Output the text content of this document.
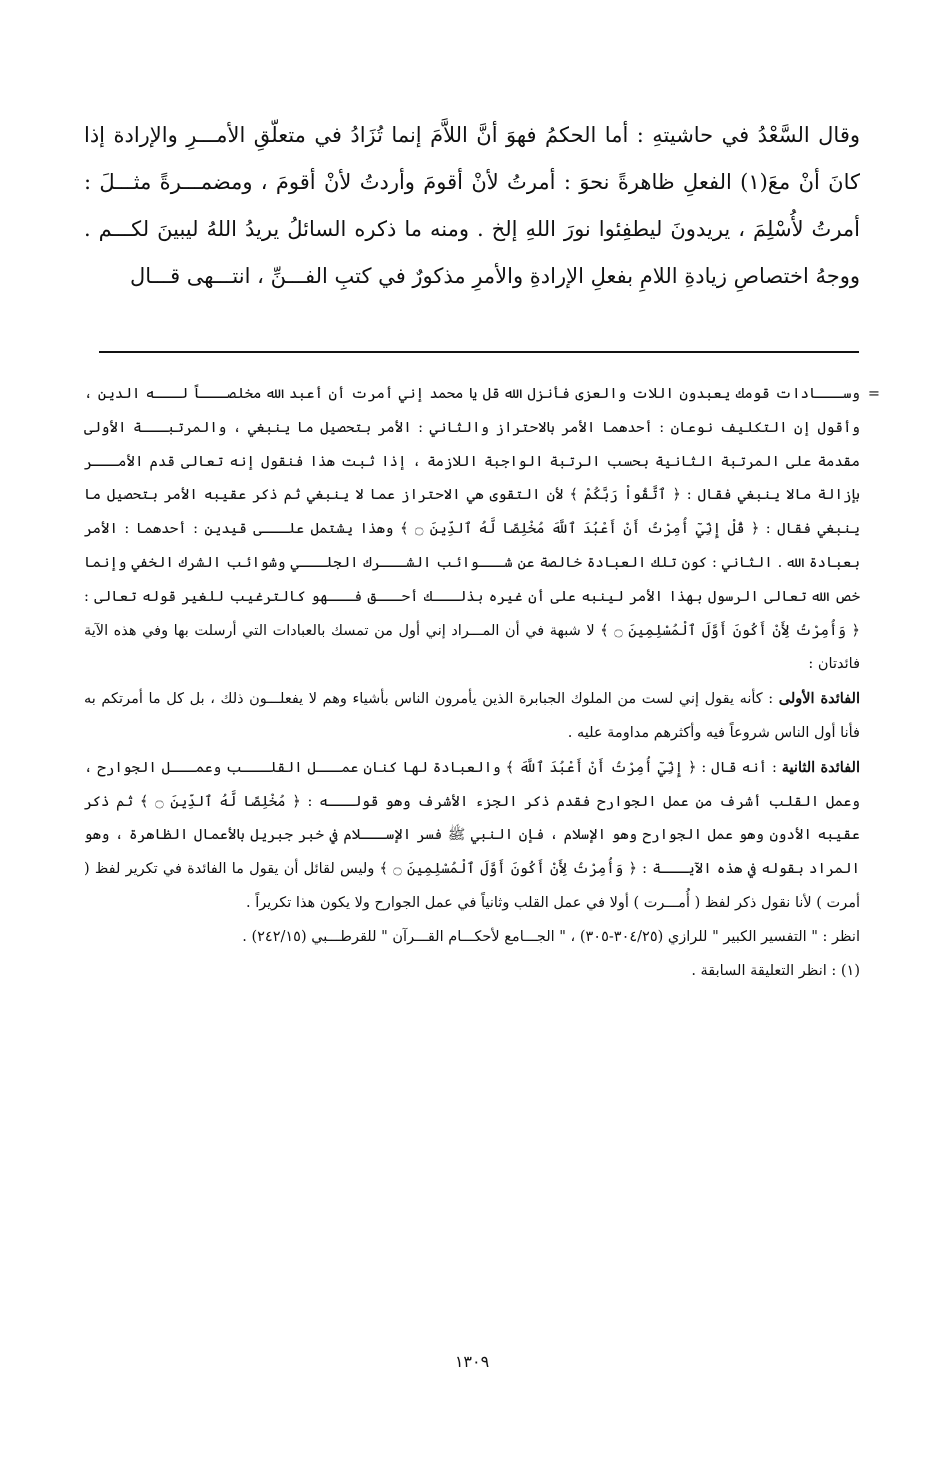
وقال السَّعْدُ في حاشيتهِ : أما الحكمُ فهوَ أنَّ اللاَّمَ إنما تُزَادُ في متعلّقِ الأمـــرِ والإرادة إذا كانَ أنْ معَ(١) الفعلِ ظاهرةً نحوَ : أمرتُ لأنْ أقومَ وأردتُ لأنْ أقومَ ، ومضمـــرةً مثـــلَ : أمرتُ لأُسْلِمَ ، يريدونَ ليطفِئوا نورَ اللهِ إلخ . ومنه ما ذكره السائلُ يريدُ اللهُ ليبينَ لكـــم . ووجهُ اختصاصِ زيادةِ اللامِ بفعلِ الإرادةِ والأمرِ مذكورٌ في كتبِ الفـــنِّ ، انتـــهى قـــال

=
وســـادات قومك يعبدون اللات والعزى فأنزل الله قل يا محمد إني أمرت أن أعبد الله مخلصـــاً لـــه الدين ، وأقول إن التكليف نوعان : أحدهما الأمر بالاحتراز والثاني : الأمر بتحصيل ما ينبغي ، والمرتبـــة الأولى مقدمة على المرتبة الثانية بحسب الرتبة الواجبة اللازمة ، إذا ثبت هذا فنقول إنه تعالى قدم الأمـــر بإزالة مالا ينبغي فقال : ﴿ ٱتَّقُواْ رَبَّكُمْ ﴾ لأن التقوى هي الاحتراز عما لا ينبغي ثم ذكر عقيبه الأمر بتحصيل ما ينبغي فقال : ﴿ قُلْ إِنِّيٓ أُمِرْتُ أَنْ أَعْبُدَ ٱللَّهَ مُخْلِصًا لَّهُ ٱلدِّينَ ۝ ﴾ وهذا يشتمل علـــى قيدين : أحدهما : الأمر بعبادة الله . الثاني : كون تلك العبادة خالصة عن شـــوائب الشـــرك الجلـــي وشوائب الشرك الخفي وإنما خص الله تعالى الرسول بهذا الأمر لينبه على أن غيره بذلـــك أحـــق فـــهو كالترغيب للغير قوله تعالى : ﴿ وَأُمِرْتُ لِأَنْ أَكُونَ أَوَّلَ ٱلْمُسْلِمِينَ ۝ ﴾ لا شبهة في أن المـــراد إني أول من تمسك بالعبادات التي أرسلت بها وفي هذه الآية فائدتان :

الفائدة الأولى : كأنه يقول إني لست من الملوك الجبابرة الذين يأمرون الناس بأشياء وهم لا يفعلـــون ذلك ، بل كل ما أمرتكم به فأنا أول الناس شروعاً فيه وأكثرهم مداومة عليه .

الفائدة الثانية : أنه قال : ﴿ إِنِّيٓ أُمِرْتُ أَنْ أَعْبُدَ ٱللَّهَ ﴾ والعبادة لها كنان عمـــل القلـــب وعمـــل الجوارح ، وعمل القلب أشرف من عمل الجوارح فقدم ذكر الجزء الأشرف وهو قولـــه : ﴿ مُخْلِصًا لَّهُ ٱلدِّينَ ۝ ﴾ ثم ذكر عقيبه الأدون وهو عمل الجوارح وهو الإسلام ، فإن النبي ﷺ فسر الإســـلام في خبر جبريل بالأعمال الظاهرة ، وهو المراد بقوله في هذه الآيـــة : ﴿ وَأُمِرْتُ لِأَنْ أَكُونَ أَوَّلَ ٱلْمُسْلِمِينَ ۝ ﴾ وليس لقائل أن يقول ما الفائدة في تكرير لفظ ( أمرت ) لأنا نقول ذكر لفظ ( أُمـــرت ) أولا في عمل القلب وثانياً في عمل الجوارح ولا يكون هذا تكريراً .

انظر : " التفسير الكبير " للرازي (٣٠٤/٢٥-٣٠٥) ، " الجـــامع لأحكـــام القـــرآن " للقرطـــبي (٢٤٢/١٥) .

(١) : انظر التعليقة السابقة .

١٣٠٩
